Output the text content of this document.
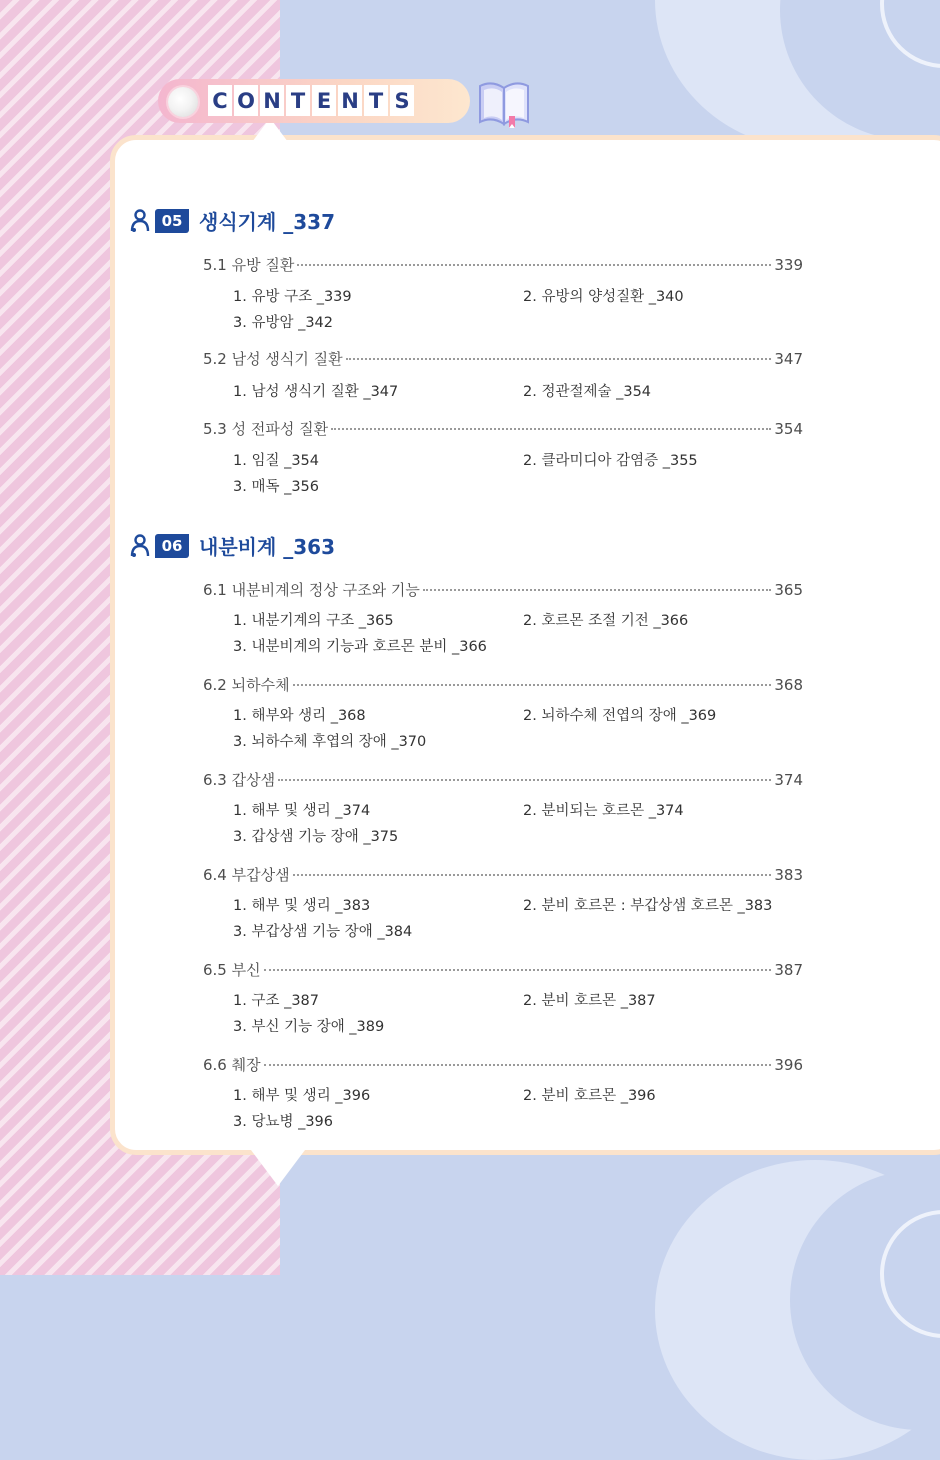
C O N T E N T S
05 생식기계 _337
5.1 유방 질환	339
1. 유방 구조 _339	2. 유방의 양성질환 _340
3. 유방암 _342
5.2 남성 생식기 질환	347
1. 남성 생식기 질환 _347	2. 정관절제술 _354
5.3 성 전파성 질환	354
1. 임질 _354	2. 클라미디아 감염증 _355
3. 매독 _356
06 내분비계 _363
6.1 내분비계의 정상 구조와 기능	365
1. 내분기계의 구조 _365	2. 호르몬 조절 기전 _366
3. 내분비계의 기능과 호르몬 분비 _366
6.2 뇌하수체	368
1. 해부와 생리 _368	2. 뇌하수체 전엽의 장애 _369
3. 뇌하수체 후엽의 장애 _370
6.3 갑상샘	374
1. 해부 및 생리 _374	2. 분비되는 호르몬 _374
3. 갑상샘 기능 장애 _375
6.4 부갑상샘	383
1. 해부 및 생리 _383	2. 분비 호르몬 : 부갑상샘 호르몬 _383
3. 부갑상샘 기능 장애 _384
6.5 부신	387
1. 구조 _387	2. 분비 호르몬 _387
3. 부신 기능 장애 _389
6.6 췌장	396
1. 해부 및 생리 _396	2. 분비 호르몬 _396
3. 당뇨병 _396
